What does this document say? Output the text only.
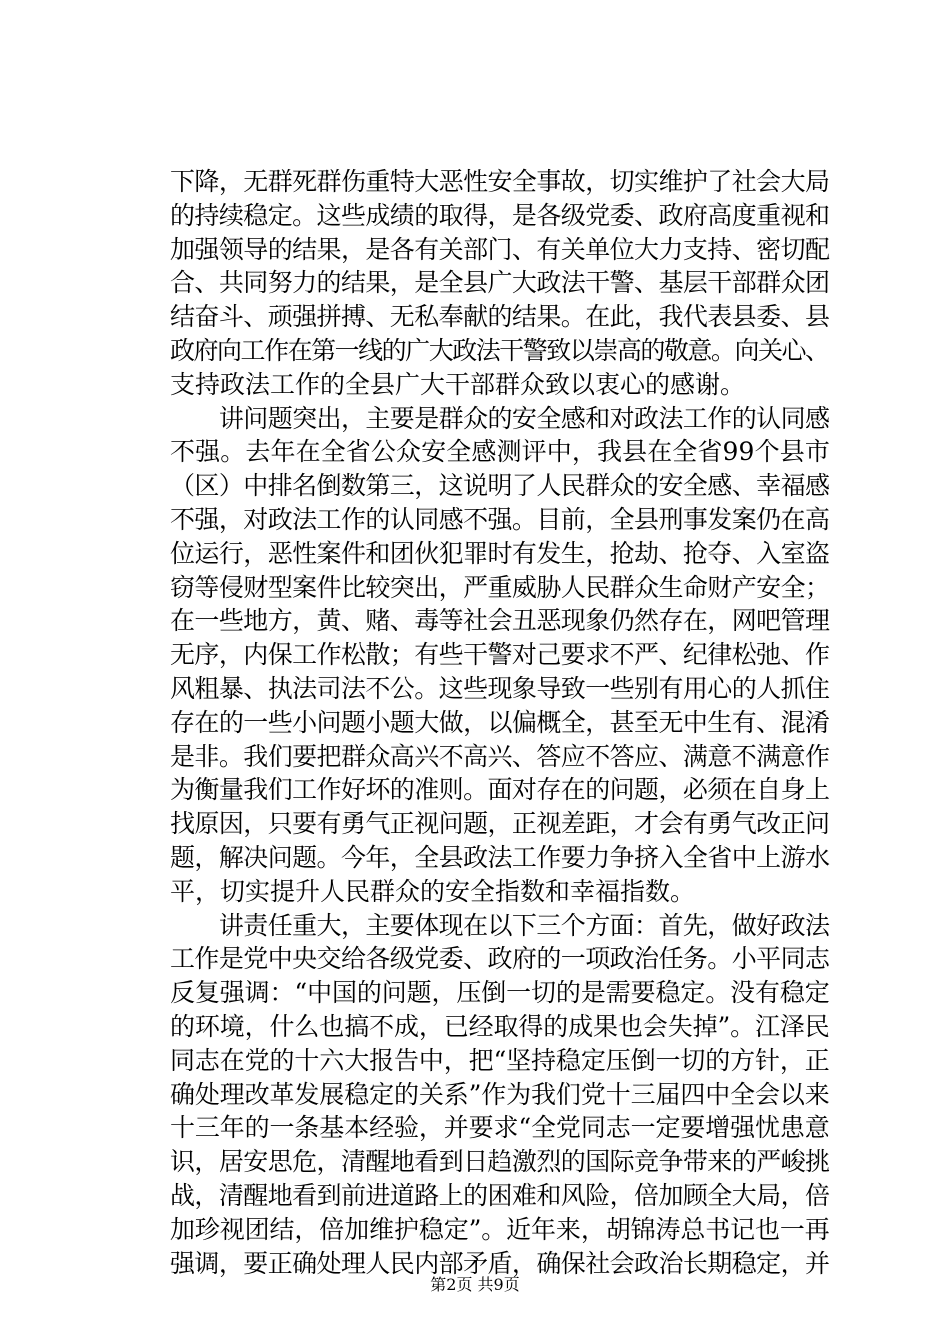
下降，无群死群伤重特大恶性安全事故，切实维护了社会大局
的持续稳定。这些成绩的取得，是各级党委、政府高度重视和
加强领导的结果，是各有关部门、有关单位大力支持、密切配
合、共同努力的结果，是全县广大政法干警、基层干部群众团
结奋斗、顽强拼搏、无私奉献的结果。在此，我代表县委、县
政府向工作在第一线的广大政法干警致以崇高的敬意。向关心、
支持政法工作的全县广大干部群众致以衷心的感谢。
　　讲问题突出，主要是群众的安全感和对政法工作的认同感
不强。去年在全省公众安全感测评中，我县在全省99个县市
（区）中排名倒数第三，这说明了人民群众的安全感、幸福感
不强，对政法工作的认同感不强。目前，全县刑事发案仍在高
位运行，恶性案件和团伙犯罪时有发生，抢劫、抢夺、入室盗
窃等侵财型案件比较突出，严重威胁人民群众生命财产安全；
在一些地方，黄、赌、毒等社会丑恶现象仍然存在，网吧管理
无序，内保工作松散；有些干警对己要求不严、纪律松弛、作
风粗暴、执法司法不公。这些现象导致一些别有用心的人抓住
存在的一些小问题小题大做，以偏概全，甚至无中生有、混淆
是非。我们要把群众高兴不高兴、答应不答应、满意不满意作
为衡量我们工作好坏的准则。面对存在的问题，必须在自身上
找原因，只要有勇气正视问题，正视差距，才会有勇气改正问
题，解决问题。今年，全县政法工作要力争挤入全省中上游水
平，切实提升人民群众的安全指数和幸福指数。
　　讲责任重大，主要体现在以下三个方面：首先，做好政法
工作是党中央交给各级党委、政府的一项政治任务。小平同志
反复强调：“中国的问题，压倒一切的是需要稳定。没有稳定
的环境，什么也搞不成，已经取得的成果也会失掉”。江泽民
同志在党的十六大报告中，把“坚持稳定压倒一切的方针，正
确处理改革发展稳定的关系”作为我们党十三届四中全会以来
十三年的一条基本经验，并要求“全党同志一定要增强忧患意
识，居安思危，清醒地看到日趋激烈的国际竞争带来的严峻挑
战，清醒地看到前进道路上的困难和风险，倍加顾全大局，倍
加珍视团结，倍加维护稳定”。近年来，胡锦涛总书记也一再
强调，要正确处理人民内部矛盾，确保社会政治长期稳定，并
第2页 共9页
